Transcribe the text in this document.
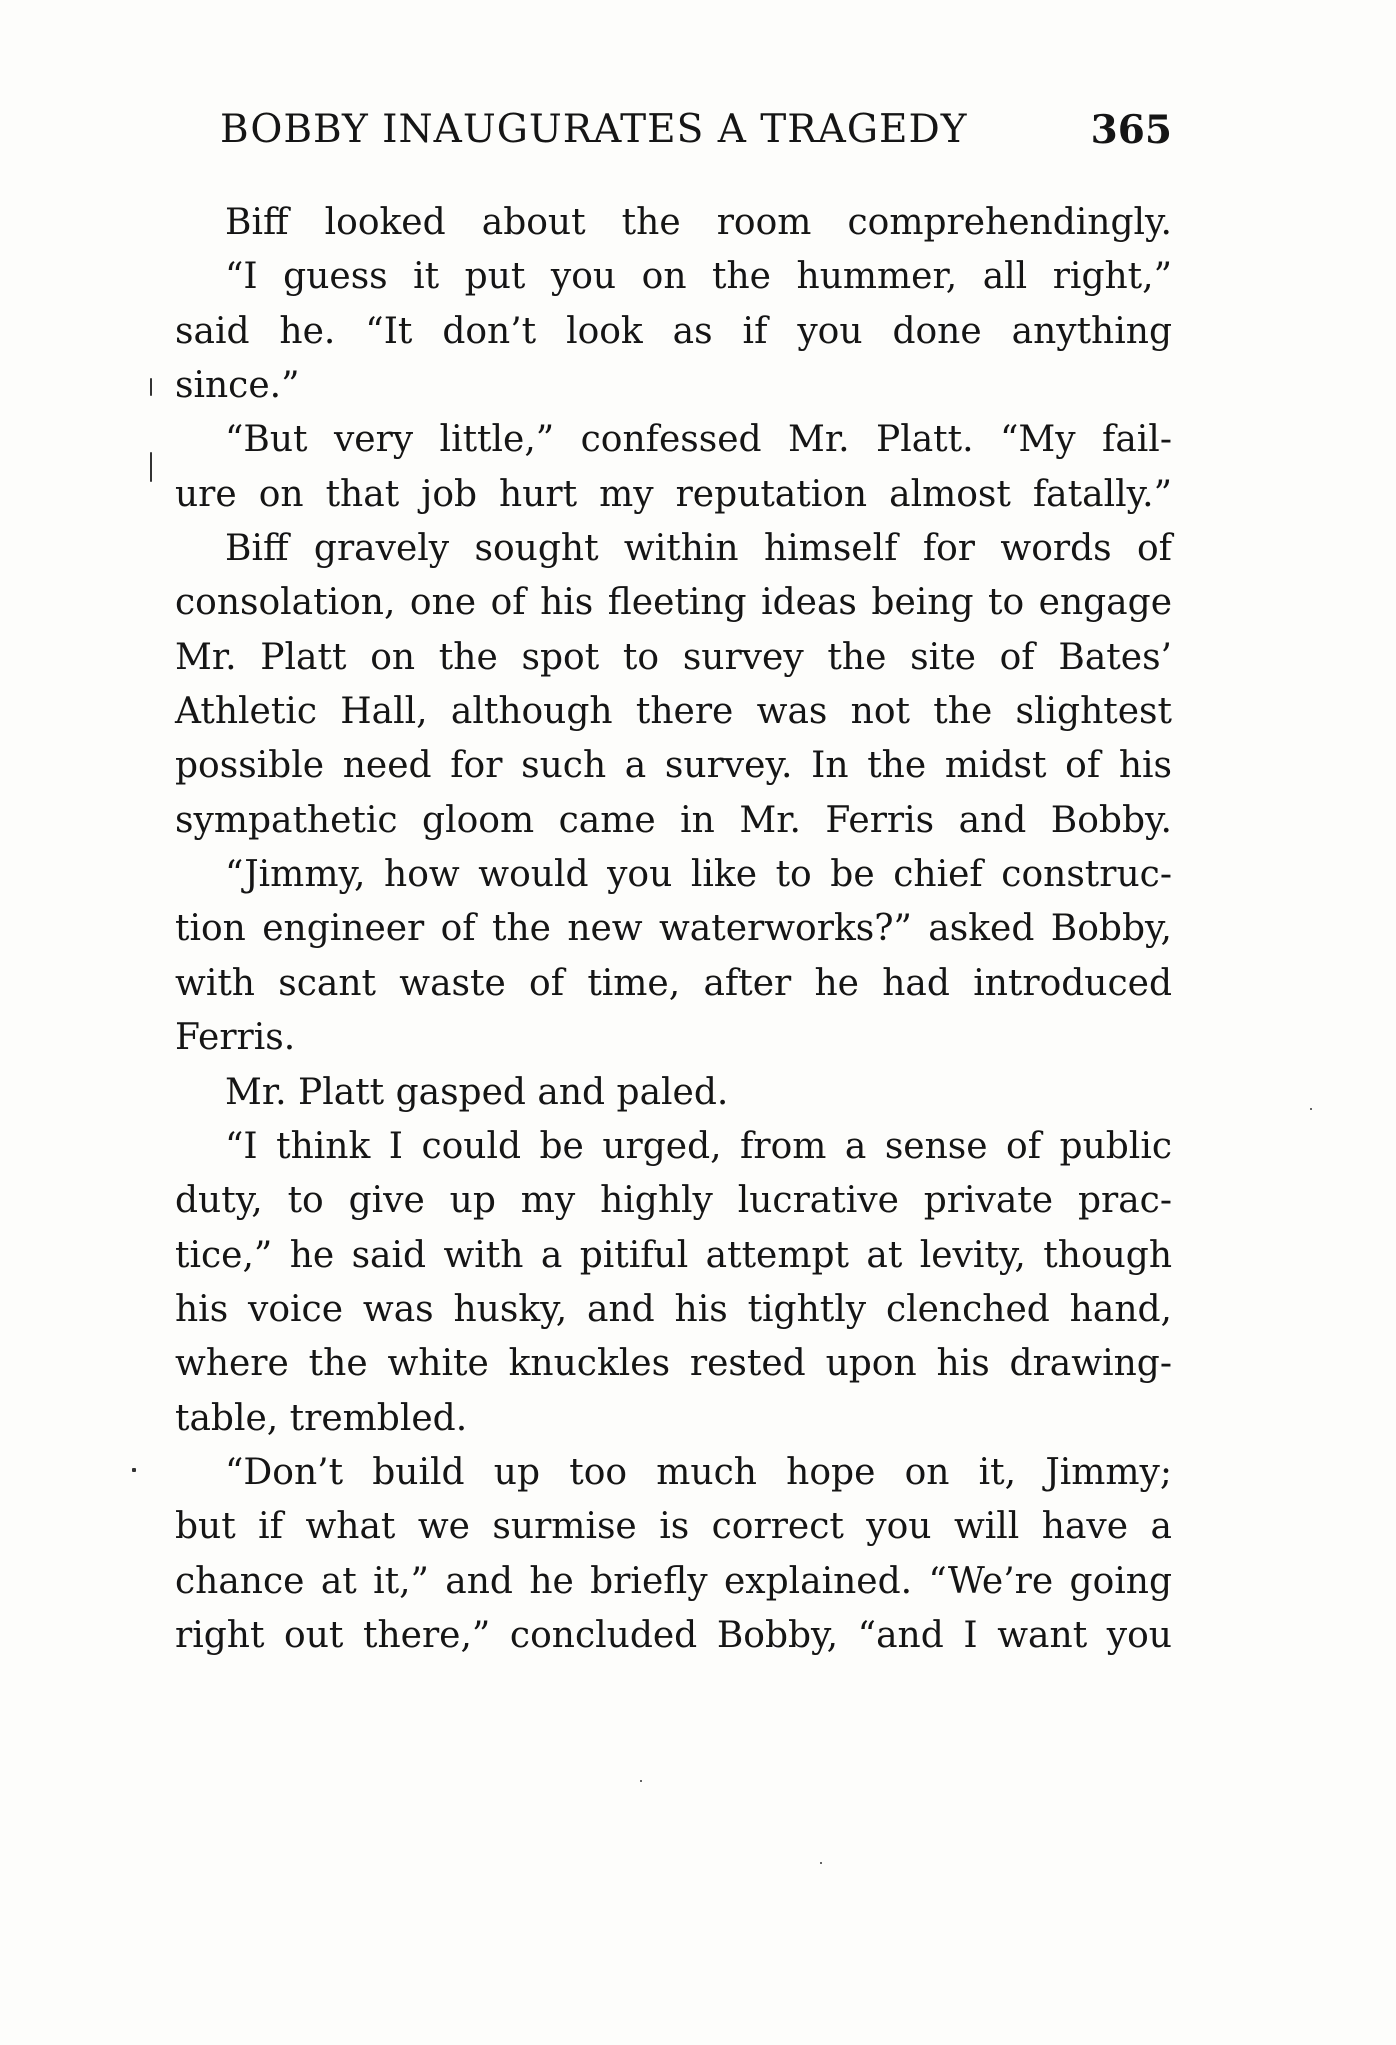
BOBBY INAUGURATES A TRAGEDY	365
Biff looked about the room comprehendingly.
“I guess it put you on the hummer, all right,”
said he. “It don’t look as if you done anything
since.”
“But very little,” confessed Mr. Platt. “My fail-
ure on that job hurt my reputation almost fatally.”
Biff gravely sought within himself for words of
consolation, one of his fleeting ideas being to engage
Mr. Platt on the spot to survey the site of Bates’
Athletic Hall, although there was not the slightest
possible need for such a survey. In the midst of his
sympathetic gloom came in Mr. Ferris and Bobby.
“Jimmy, how would you like to be chief construc-
tion engineer of the new waterworks?” asked Bobby,
with scant waste of time, after he had introduced
Ferris.
Mr. Platt gasped and paled.
“I think I could be urged, from a sense of public
duty, to give up my highly lucrative private prac-
tice,” he said with a pitiful attempt at levity, though
his voice was husky, and his tightly clenched hand,
where the white knuckles rested upon his drawing-
table, trembled.
“Don’t build up too much hope on it, Jimmy;
but if what we surmise is correct you will have a
chance at it,” and he briefly explained. “We’re going
right out there,” concluded Bobby, “and I want you
